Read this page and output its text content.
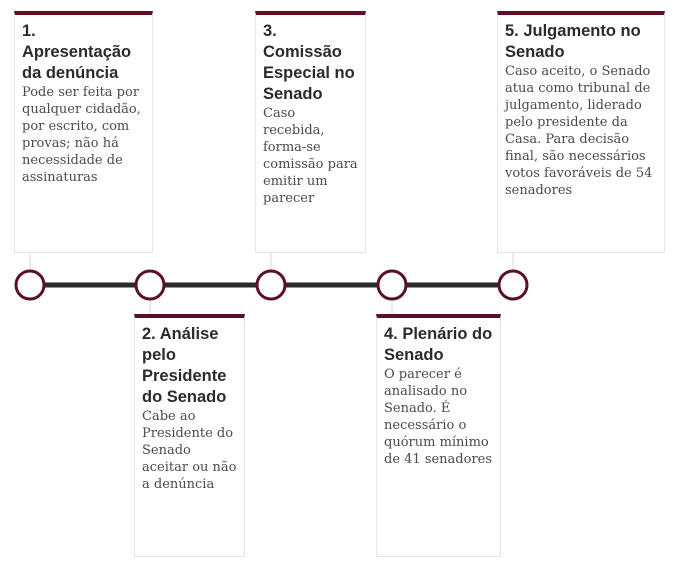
1. Apresentação da denúncia
Pode ser feita por qualquer cidadão, por escrito, com provas; não há necessidade de assinaturas
2. Análise pelo Presidente do Senado
Cabe ao Presidente do Senado aceitar ou não a denúncia
3. Comissão Especial no Senado
Caso recebida, forma-se comissão para emitir um parecer
4. Plenário do Senado
O parecer é analisado no Senado. É necessário o quórum mínimo de 41 senadores
5. Julgamento no Senado
Caso aceito, o Senado atua como tribunal de julgamento, liderado pelo presidente da Casa. Para decisão final, são necessários votos favoráveis de 54 senadores
